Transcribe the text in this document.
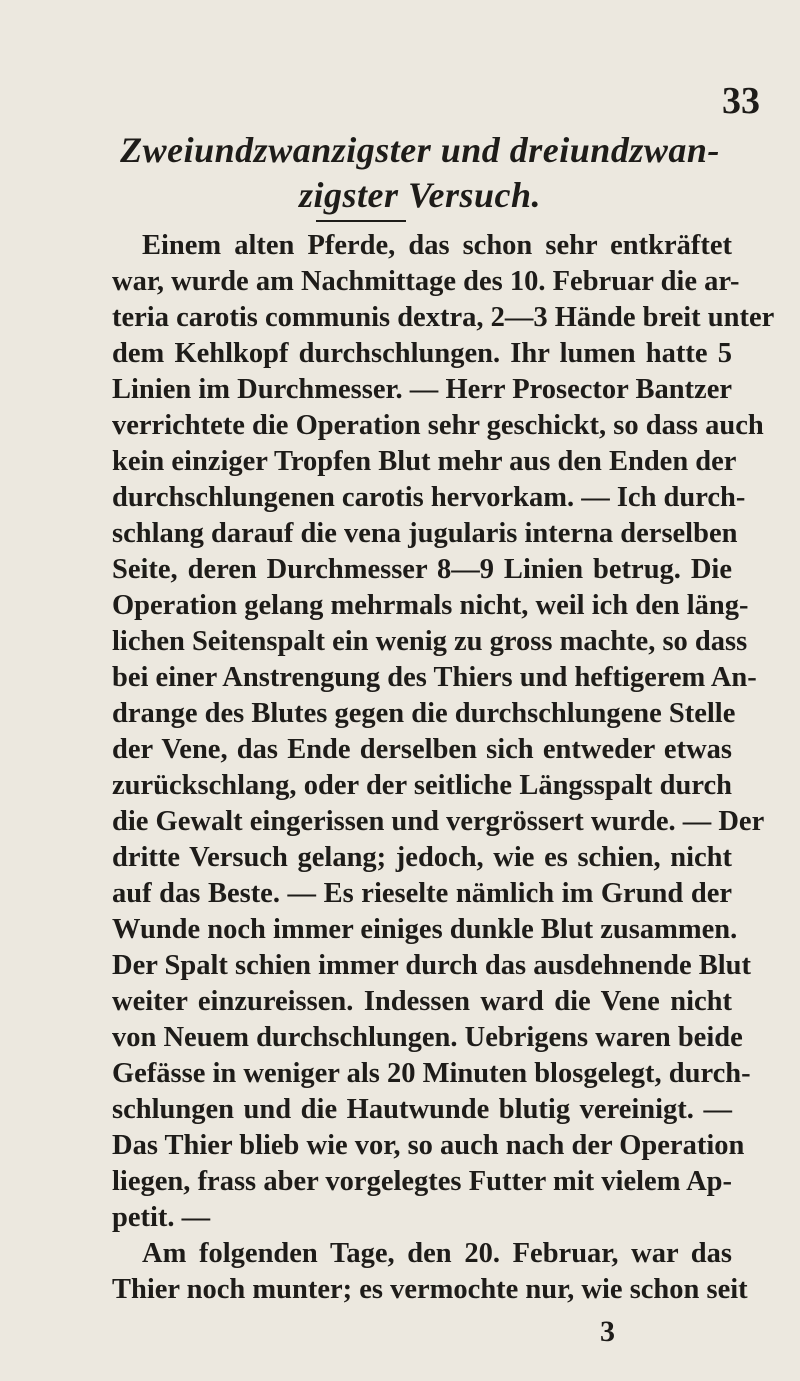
33
Zweiundzwanzigster und dreiundzwan-
zigster Versuch.
Einem alten Pferde, das schon sehr entkräftet
war, wurde am Nachmittage des 10. Februar die ar-
teria carotis communis dextra, 2—3 Hände breit unter
dem Kehlkopf durchschlungen. Ihr lumen hatte 5
Linien im Durchmesser. — Herr Prosector Bantzer
verrichtete die Operation sehr geschickt, so dass auch
kein einziger Tropfen Blut mehr aus den Enden der
durchschlungenen carotis hervorkam. — Ich durch-
schlang darauf die vena jugularis interna derselben
Seite, deren Durchmesser 8—9 Linien betrug. Die
Operation gelang mehrmals nicht, weil ich den läng-
lichen Seitenspalt ein wenig zu gross machte, so dass
bei einer Anstrengung des Thiers und heftigerem An-
drange des Blutes gegen die durchschlungene Stelle
der Vene, das Ende derselben sich entweder etwas
zurückschlang, oder der seitliche Längsspalt durch
die Gewalt eingerissen und vergrössert wurde. — Der
dritte Versuch gelang; jedoch, wie es schien, nicht
auf das Beste. — Es rieselte nämlich im Grund der
Wunde noch immer einiges dunkle Blut zusammen.
Der Spalt schien immer durch das ausdehnende Blut
weiter einzureissen. Indessen ward die Vene nicht
von Neuem durchschlungen. Uebrigens waren beide
Gefässe in weniger als 20 Minuten blosgelegt, durch-
schlungen und die Hautwunde blutig vereinigt. —
Das Thier blieb wie vor, so auch nach der Operation
liegen, frass aber vorgelegtes Futter mit vielem Ap-
petit. —
Am folgenden Tage, den 20. Februar, war das
Thier noch munter; es vermochte nur, wie schon seit
3
